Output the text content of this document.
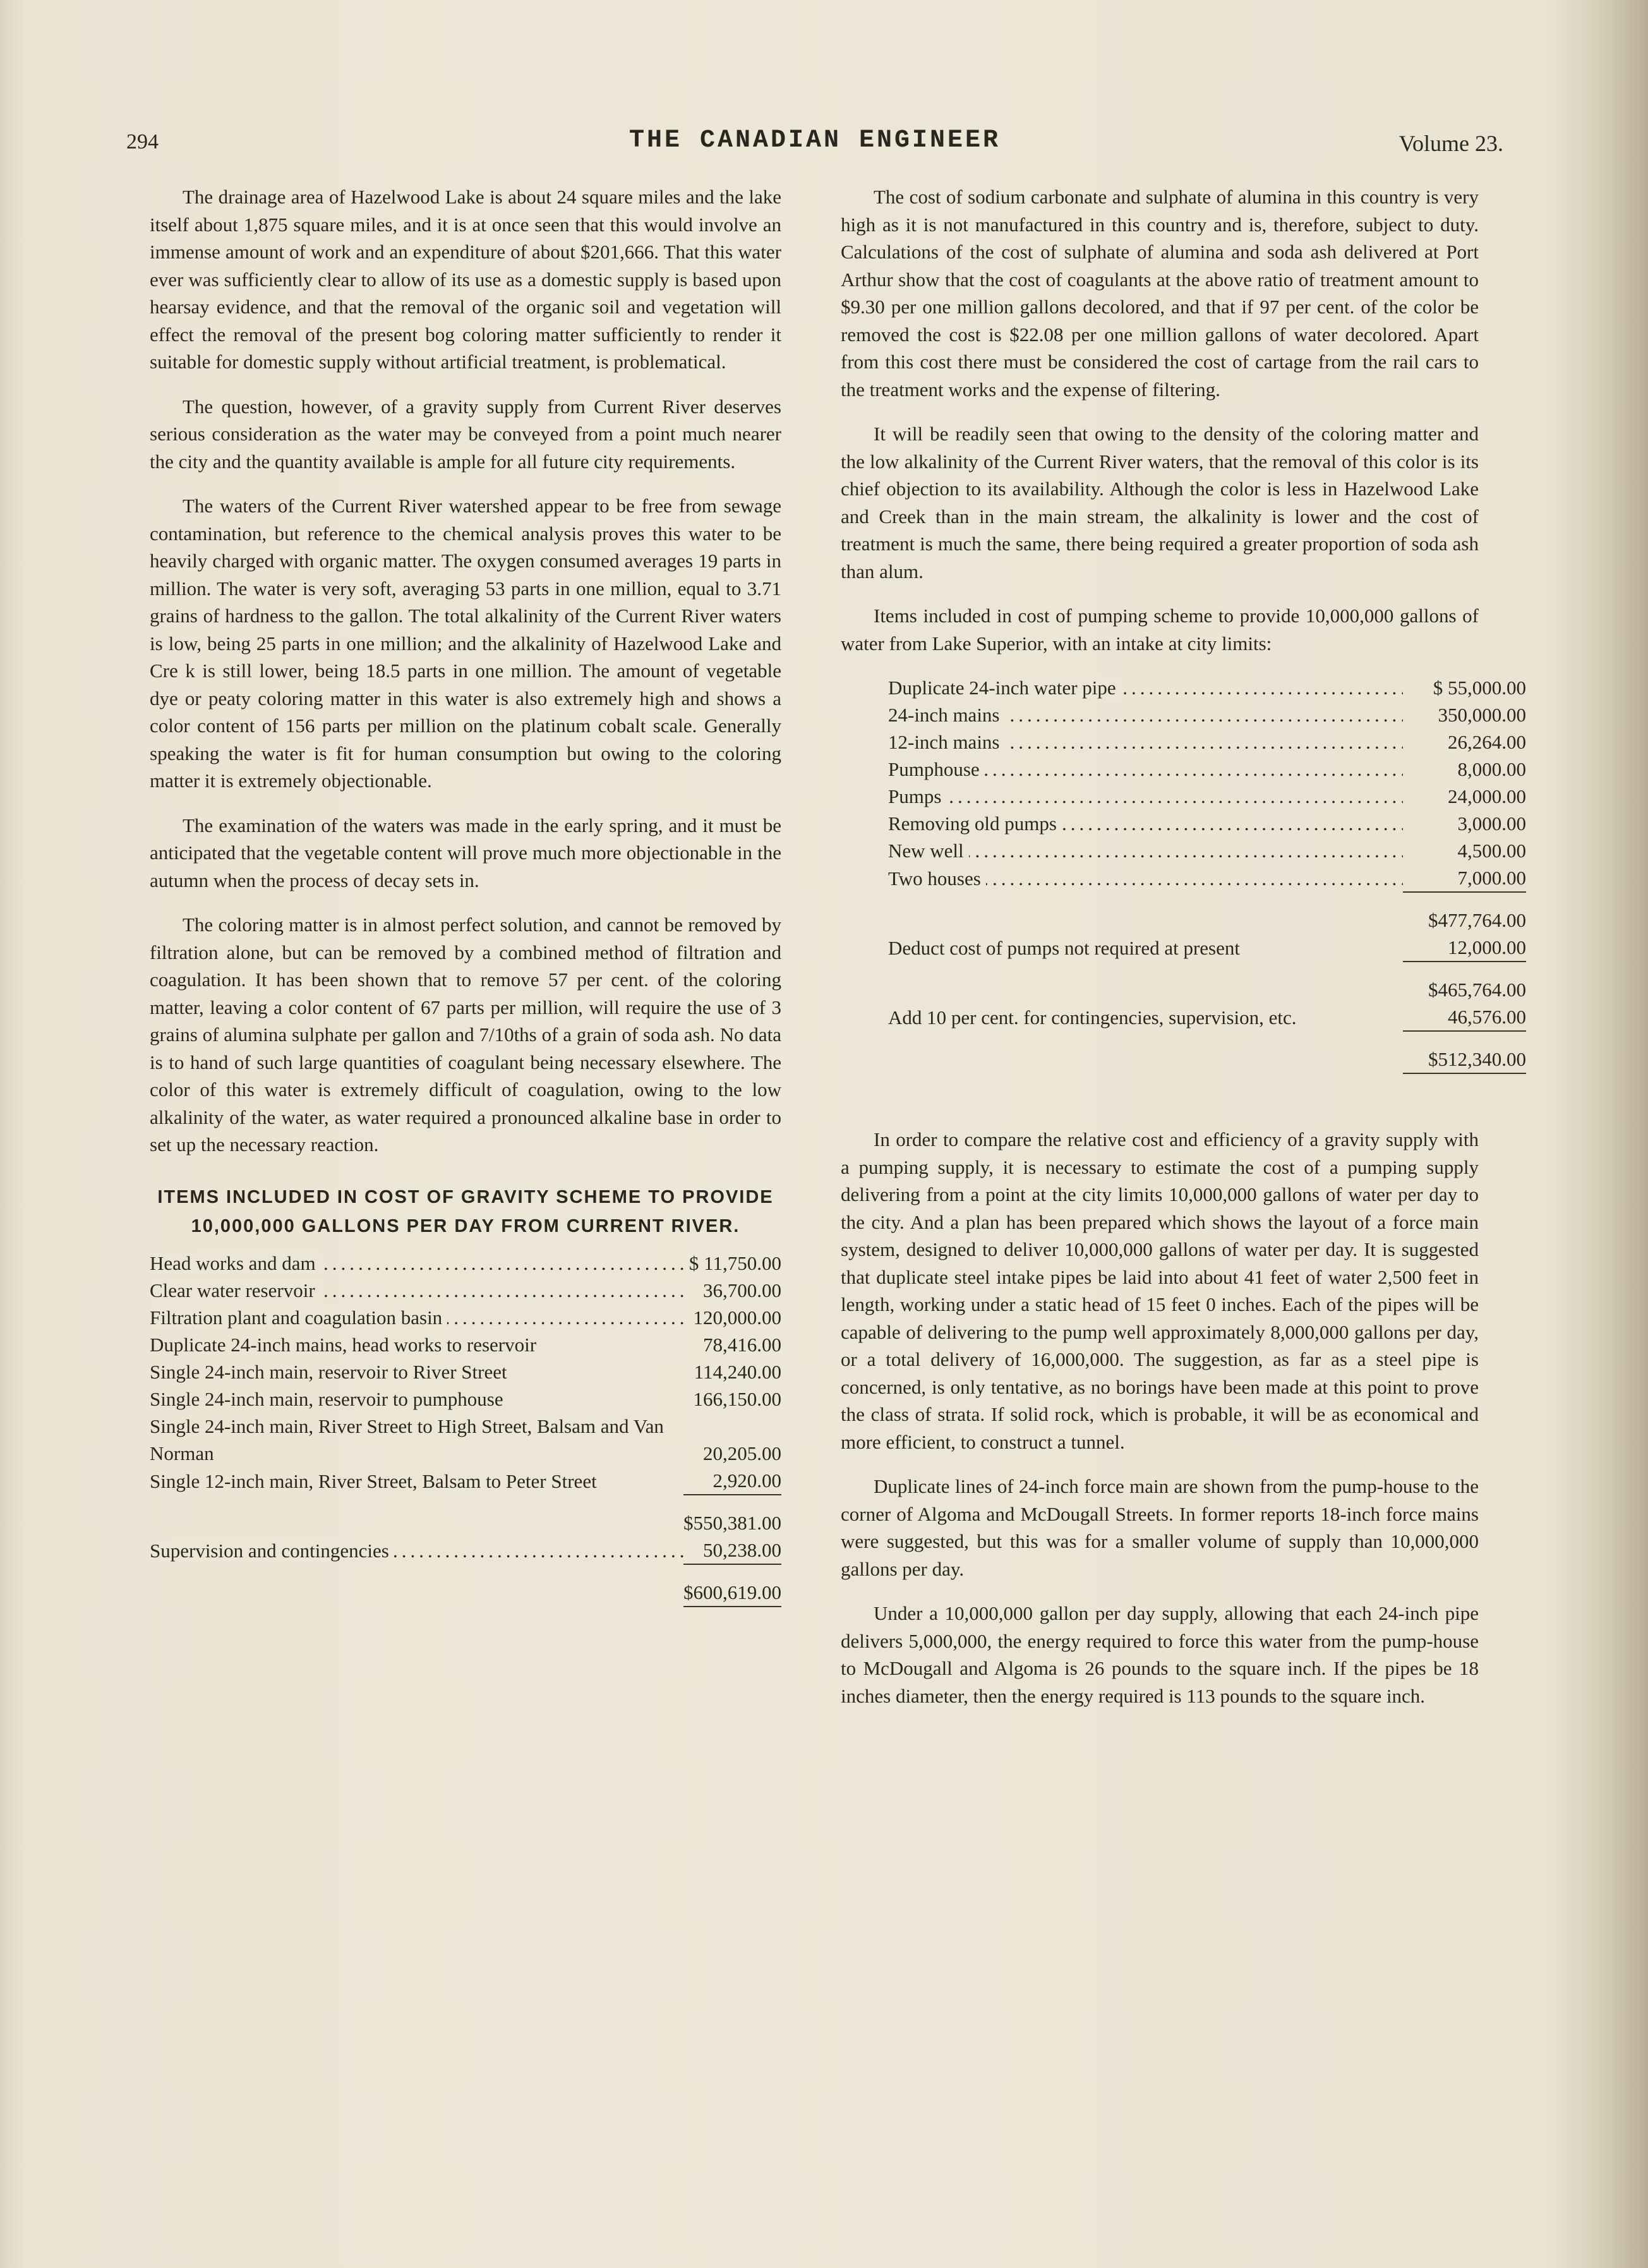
294	THE CANADIAN ENGINEER	Volume 23.

The drainage area of Hazelwood Lake is about 24 square miles and the lake itself about 1,875 square miles, and it is at once seen that this would involve an immense amount of work and an expenditure of about $201,666. That this water ever was sufficiently clear to allow of its use as a domestic supply is based upon hearsay evidence, and that the removal of the organic soil and vegetation will effect the removal of the present bog coloring matter sufficiently to render it suitable for domestic supply without artificial treatment, is problematical.

The question, however, of a gravity supply from Current River deserves serious consideration as the water may be conveyed from a point much nearer the city and the quantity available is ample for all future city requirements.

The waters of the Current River watershed appear to be free from sewage contamination, but reference to the chemical analysis proves this water to be heavily charged with organic matter. The oxygen consumed averages 19 parts in million. The water is very soft, averaging 53 parts in one million, equal to 3.71 grains of hardness to the gallon. The total alkalinity of the Current River waters is low, being 25 parts in one million; and the alkalinity of Hazelwood Lake and Cre k is still lower, being 18.5 parts in one million. The amount of vegetable dye or peaty coloring matter in this water is also extremely high and shows a color content of 156 parts per million on the platinum cobalt scale. Generally speaking the water is fit for human consumption but owing to the coloring matter it is extremely objectionable.

The examination of the waters was made in the early spring, and it must be anticipated that the vegetable content will prove much more objectionable in the autumn when the process of decay sets in.

The coloring matter is in almost perfect solution, and cannot be removed by filtration alone, but can be removed by a combined method of filtration and coagulation. It has been shown that to remove 57 per cent. of the coloring matter, leaving a color content of 67 parts per million, will require the use of 3 grains of alumina sulphate per gallon and 7/10ths of a grain of soda ash. No data is to hand of such large quantities of coagulant being necessary elsewhere. The color of this water is extremely difficult of coagulation, owing to the low alkalinity of the water, as water required a pronounced alkaline base in order to set up the necessary reaction.

ITEMS INCLUDED IN COST OF GRAVITY SCHEME TO PROVIDE 10,000,000 GALLONS PER DAY FROM CURRENT RIVER.
Head works and dam .....	$ 11,750.00
Clear water reservoir .....	36,700.00
Filtration plant and coagulation basin .....	120,000.00
Duplicate 24-inch mains, head works to reservoir	78,416.00
Single 24-inch main, reservoir to River Street	114,240.00
Single 24-inch main, reservoir to pumphouse	166,150.00
Single 24-inch main, River Street to High Street, Balsam and Van Norman	20,205.00
Single 12-inch main, River Street, Balsam to Peter Street	2,920.00

	$550,381.00
Supervision and contingencies .....	50,238.00

	$600,619.00

The cost of sodium carbonate and sulphate of alumina in this country is very high as it is not manufactured in this country and is, therefore, subject to duty. Calculations of the cost of sulphate of alumina and soda ash delivered at Port Arthur show that the cost of coagulants at the above ratio of treatment amount to $9.30 per one million gallons decolored, and that if 97 per cent. of the color be removed the cost is $22.08 per one million gallons of water decolored. Apart from this cost there must be considered the cost of cartage from the rail cars to the treatment works and the expense of filtering.

It will be readily seen that owing to the density of the coloring matter and the low alkalinity of the Current River waters, that the removal of this color is its chief objection to its availability. Although the color is less in Hazelwood Lake and Creek than in the main stream, the alkalinity is lower and the cost of treatment is much the same, there being required a greater proportion of soda ash than alum.

Items included in cost of pumping scheme to provide 10,000,000 gallons of water from Lake Superior, with an intake at city limits:

Duplicate 24-inch water pipe .....	$ 55,000.00
24-inch mains .....	350,000.00
12-inch mains .....	26,264.00
Pumphouse .....	8,000.00
Pumps .....	24,000.00
Removing old pumps .....	3,000.00
New well .....	4,500.00
Two houses .....	7,000.00

	$477,764.00
Deduct cost of pumps not required at present	12,000.00

	$465,764.00
Add 10 per cent. for contingencies, supervision, etc.	46,576.00

	$512,340.00

In order to compare the relative cost and efficiency of a gravity supply with a pumping supply, it is necessary to estimate the cost of a pumping supply delivering from a point at the city limits 10,000,000 gallons of water per day to the city. And a plan has been prepared which shows the layout of a force main system, designed to deliver 10,000,000 gallons of water per day. It is suggested that duplicate steel intake pipes be laid into about 41 feet of water 2,500 feet in length, working under a static head of 15 feet 0 inches. Each of the pipes will be capable of delivering to the pump well approximately 8,000,000 gallons per day, or a total delivery of 16,000,000. The suggestion, as far as a steel pipe is concerned, is only tentative, as no borings have been made at this point to prove the class of strata. If solid rock, which is probable, it will be as economical and more efficient, to construct a tunnel.

Duplicate lines of 24-inch force main are shown from the pump-house to the corner of Algoma and McDougall Streets. In former reports 18-inch force mains were suggested, but this was for a smaller volume of supply than 10,000,000 gallons per day.

Under a 10,000,000 gallon per day supply, allowing that each 24-inch pipe delivers 5,000,000, the energy required to force this water from the pump-house to McDougall and Algoma is 26 pounds to the square inch. If the pipes be 18 inches diameter, then the energy required is 113 pounds to the square inch.
